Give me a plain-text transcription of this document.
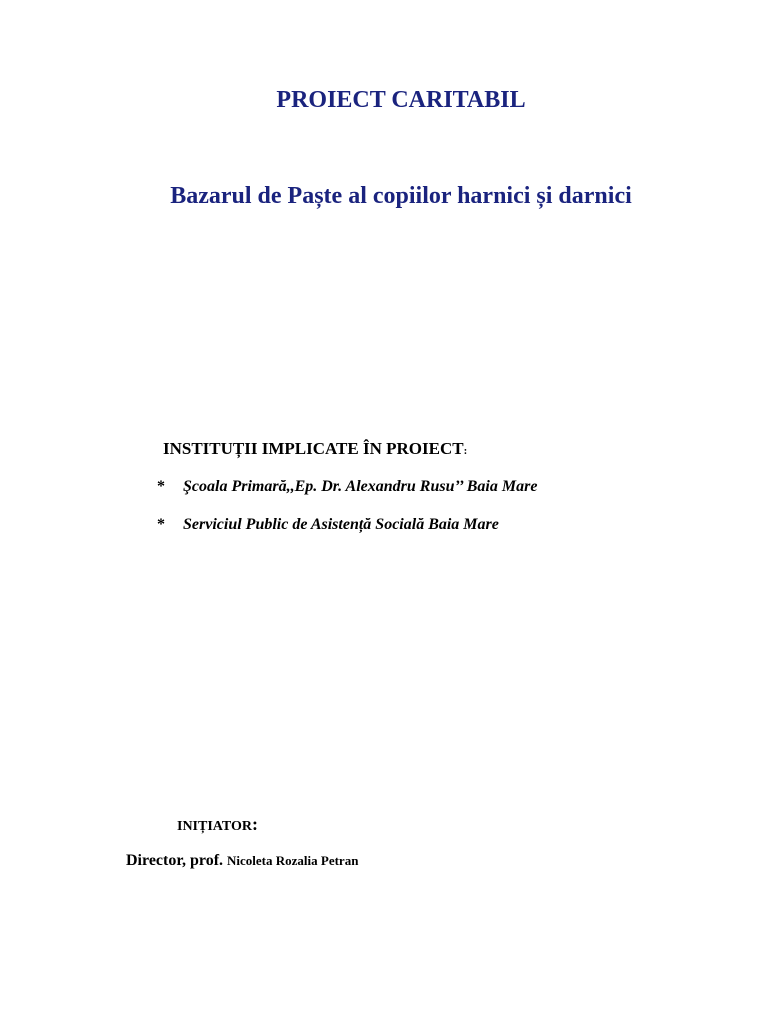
PROIECT CARITABIL
Bazarul de Paște al copiilor harnici și darnici

INSTITUȚII IMPLICATE ÎN PROIECT:

* Şcoala Primară,,Ep. Dr. Alexandru Rusu’’ Baia Mare
* Serviciul Public de Asistență Socială Baia Mare

INIȚIATOR:

Director, prof. Nicoleta Rozalia Petran
